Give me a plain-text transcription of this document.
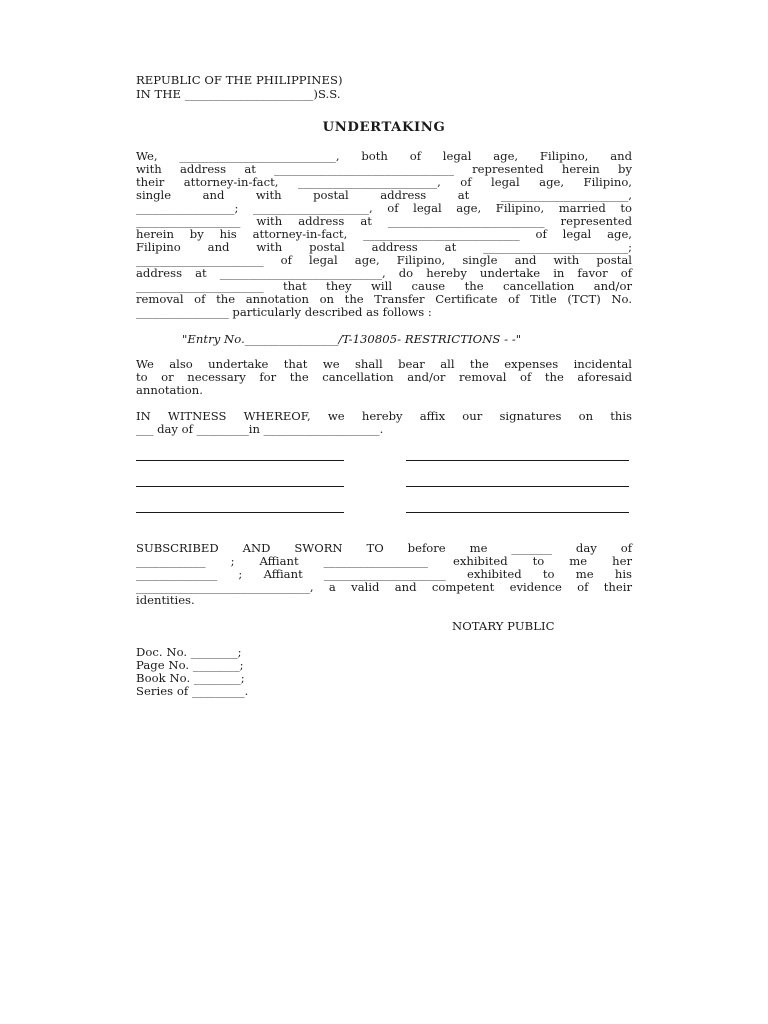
REPUBLIC OF THE PHILIPPINES)
IN THE ______________________)S.S.
UNDERTAKING
We, ___________________________, both of legal age, Filipino, and
with address at _______________________________ represented herein by
their attorney-in-fact, ________________________, of legal age, Filipino,
single and with postal address at ______________________,
_________________; ____________________, of legal age, Filipino, married to
__________________ with address at ___________________________ represented
herein by his attorney-in-fact, ___________________________ of legal age,
Filipino and with postal address at _________________________;
______________________ of legal age, Filipino, single and with postal
address at ____________________________, do hereby undertake in favor of
______________________ that they will cause the cancellation and/or
removal of the annotation on the Transfer Certificate of Title (TCT) No.
________________ particularly described as follows :
"Entry No.________________/T-130805- RESTRICTIONS - -"
We also undertake that we shall bear all the expenses incidental
to or necessary for the cancellation and/or removal of the aforesaid
annotation.
IN WITNESS WHEREOF, we hereby affix our signatures on this
___ day of _________in ____________________.
SUBSCRIBED AND SWORN TO before me _______ day of
____________ ; Affiant __________________ exhibited to me her
______________ ; Affiant _____________________ exhibited to me his
______________________________, a valid and competent evidence of their
identities.
NOTARY PUBLIC
Doc. No. ________;
Page No. ________;
Book No. ________;
Series of _________.
